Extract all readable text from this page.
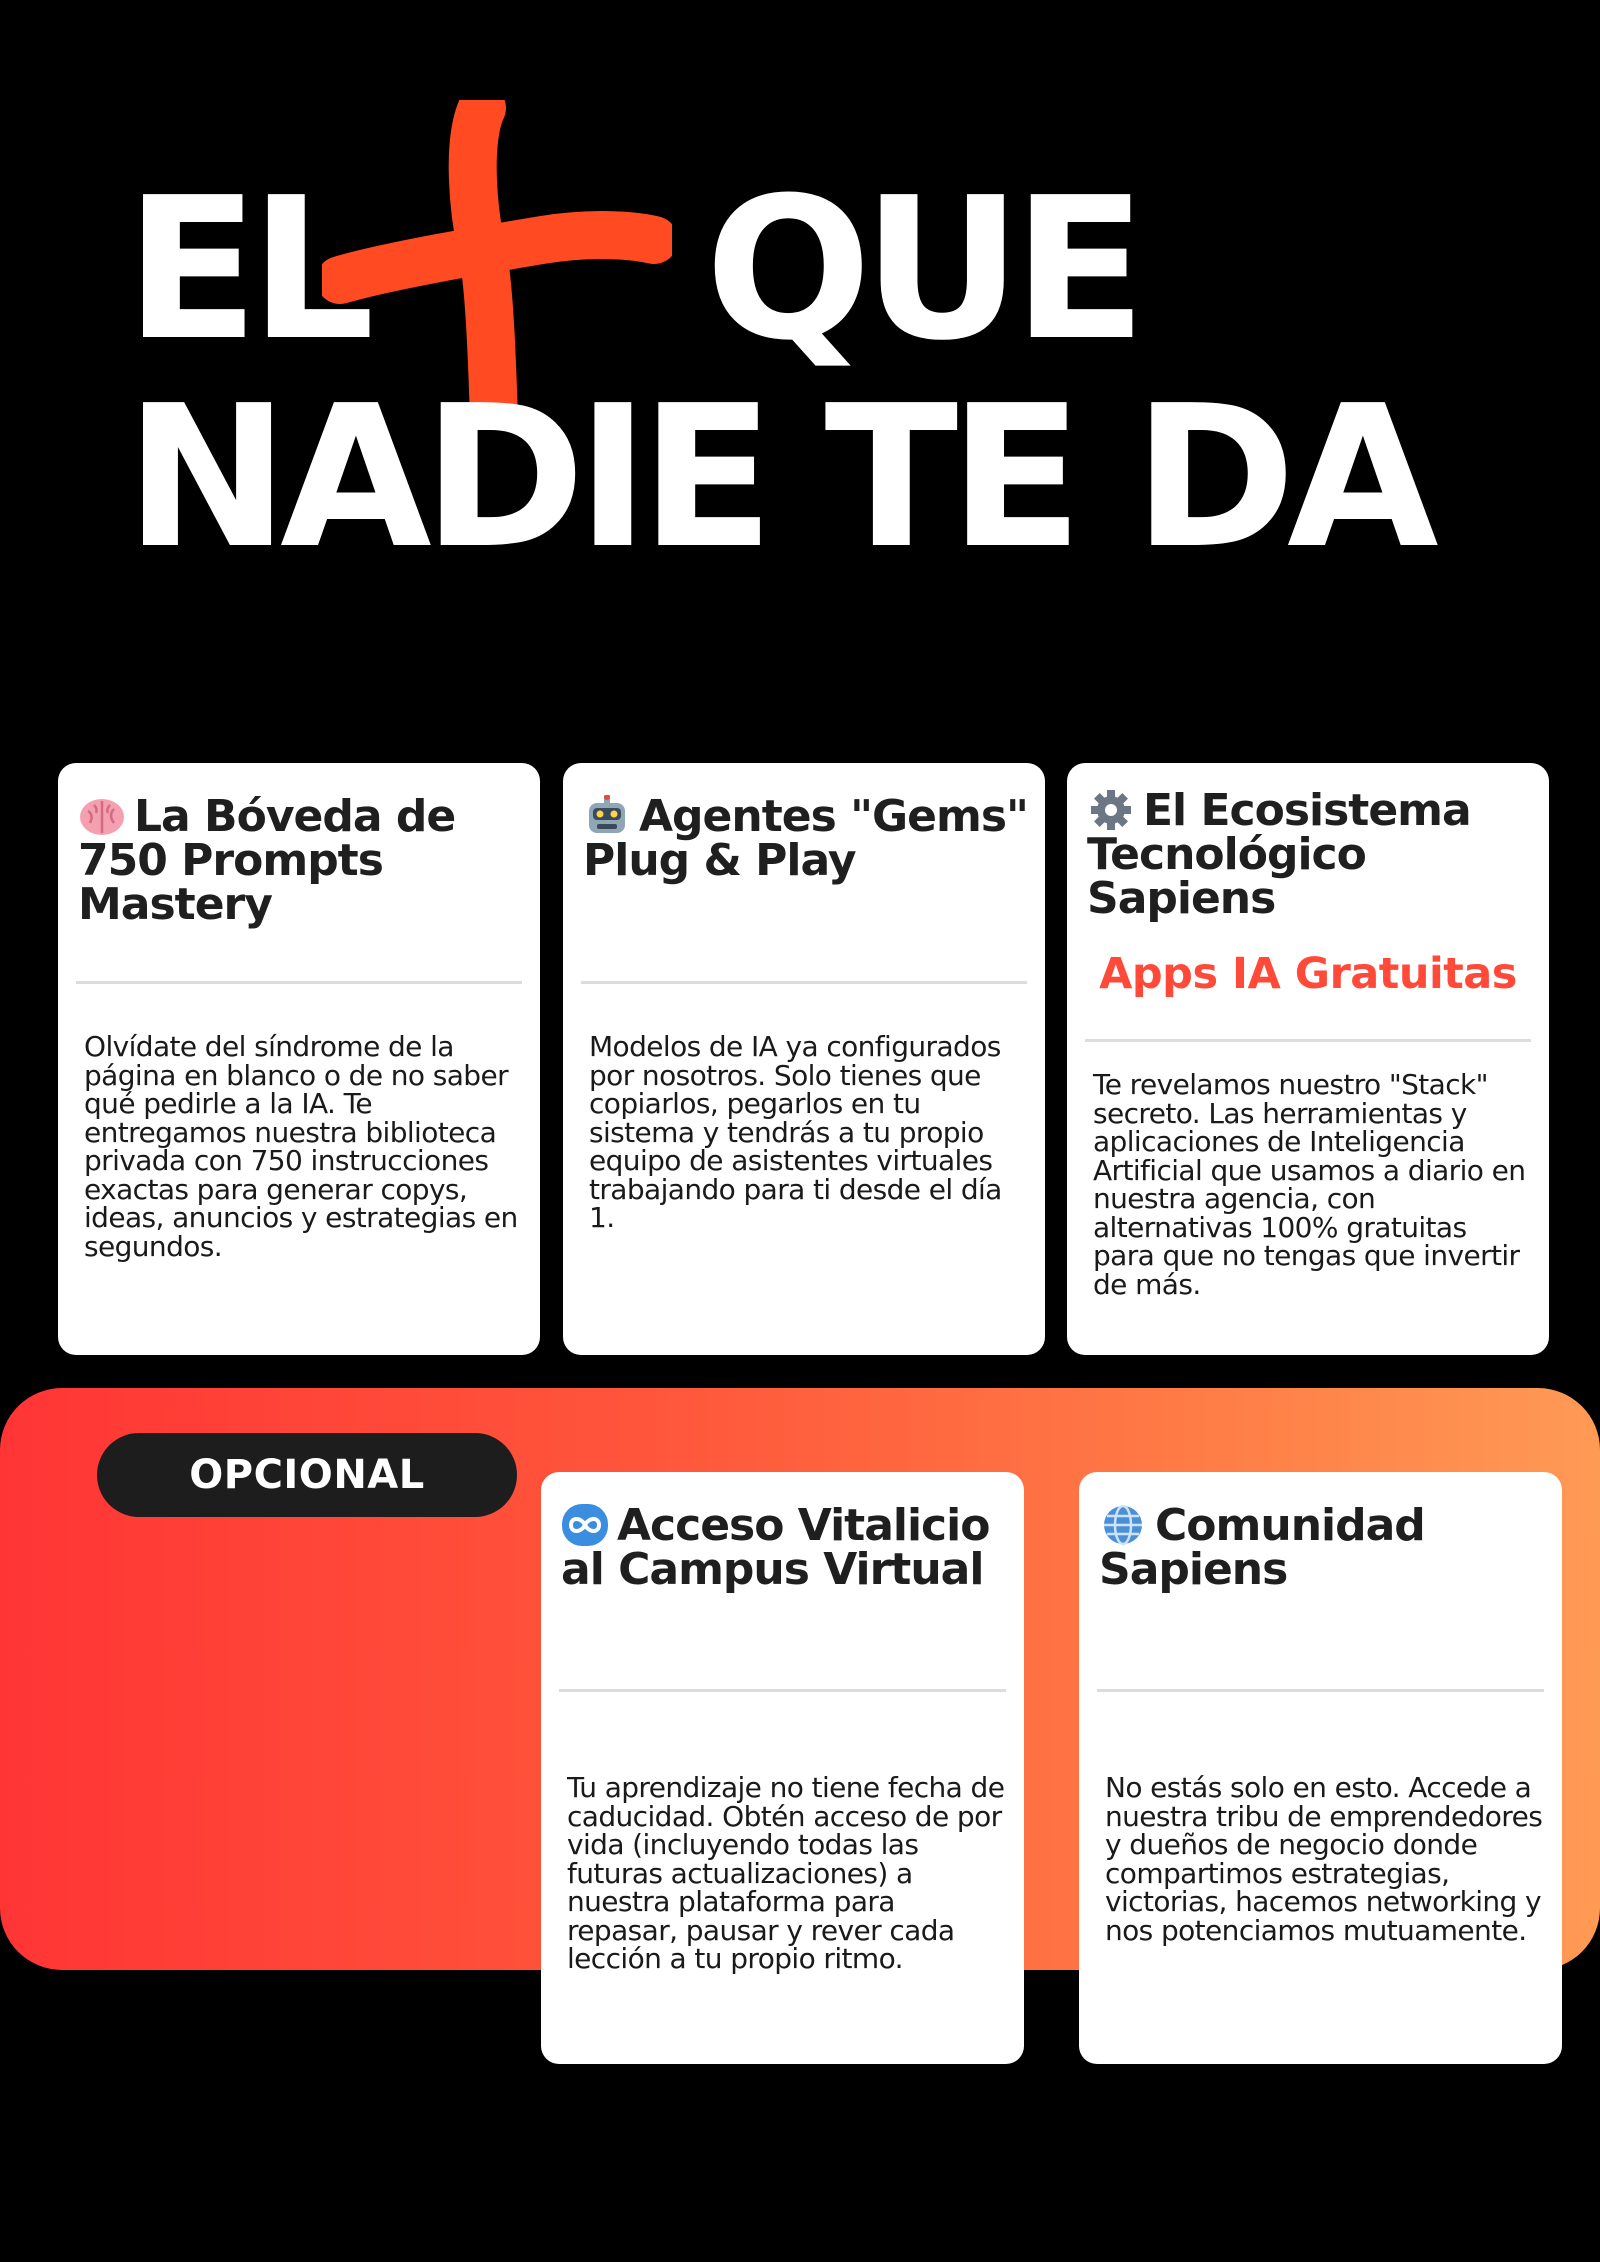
EL QUE
NADIE TE DA
La Bóveda de 750 Prompts Mastery

Olvídate del síndrome de la página en blanco o de no saber qué pedirle a la IA. Te entregamos nuestra biblioteca privada con 750 instrucciones exactas para generar copys, ideas, anuncios y estrategias en segundos.

Agentes "Gems" Plug & Play

Modelos de IA ya configurados por nosotros. Solo tienes que copiarlos, pegarlos en tu sistema y tendrás a tu propio equipo de asistentes virtuales trabajando para ti desde el día 1.

El Ecosistema Tecnológico Sapiens

Apps IA Gratuitas

Te revelamos nuestro "Stack" secreto. Las herramientas y aplicaciones de Inteligencia Artificial que usamos a diario en nuestra agencia, con alternativas 100% gratuitas para que no tengas que invertir de más.

OPCIONAL
Acceso Vitalicio al Campus Virtual

Tu aprendizaje no tiene fecha de caducidad. Obtén acceso de por vida (incluyendo todas las futuras actualizaciones) a nuestra plataforma para repasar, pausar y rever cada lección a tu propio ritmo.

Comunidad Sapiens

No estás solo en esto. Accede a nuestra tribu de emprendedores y dueños de negocio donde compartimos estrategias, victorias, hacemos networking y nos potenciamos mutuamente.
